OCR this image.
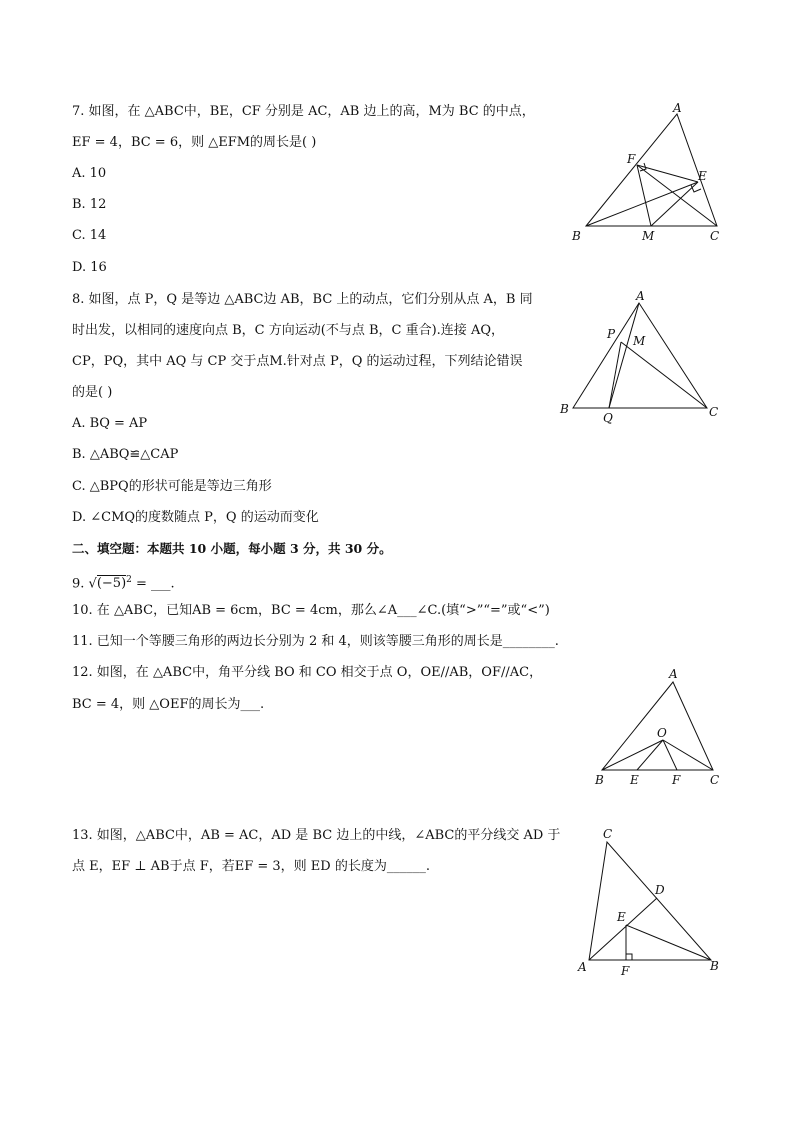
7. 如图，在 △ABC中，BE，CF 分别是 AC，AB 边上的高，M为 BC 的中点，
EF = 4，BC = 6，则 △EFM的周长是( )
A. 10
B. 12
C. 14
D. 16
A
F
E
B	M	C
8. 如图，点 P，Q 是等边 △ABC边 AB，BC 上的动点，它们分别从点 A，B 同
时出发，以相同的速度向点 B，C 方向运动(不与点 B，C 重合).连接 AQ，
CP，PQ，其中 AQ 与 CP 交于点M.针对点 P，Q 的运动过程，下列结论错误
的是( )
A. BQ = AP
B. △ABQ≌△CAP
C. △BPQ的形状可能是等边三角形
D. ∠CMQ的度数随点 P，Q 的运动而变化
A
P M
B
Q	C
二、填空题：本题共 10 小题，每小题 3 分，共 30 分。
9. $√(-5)^2$ = ___.
10. 在 △ABC，已知AB = 6cm，BC = 4cm，那么∠A___∠C.(填“>”“=”或“<”)
11. 已知一个等腰三角形的两边长分别为 2 和 4，则该等腰三角形的周长是________.
12. 如图，在 △ABC中，角平分线 BO 和 CO 相交于点 O，OE//AB，OF//AC，
BC = 4，则 △OEF的周长为___.
A
O
B E	F C
13. 如图，△ABC中，AB = AC，AD 是 BC 边上的中线，∠ABC的平分线交 AD 于
点 E，EF ⊥ AB于点 F，若EF = 3，则 ED 的长度为______.
C
D
E
A	F	B
